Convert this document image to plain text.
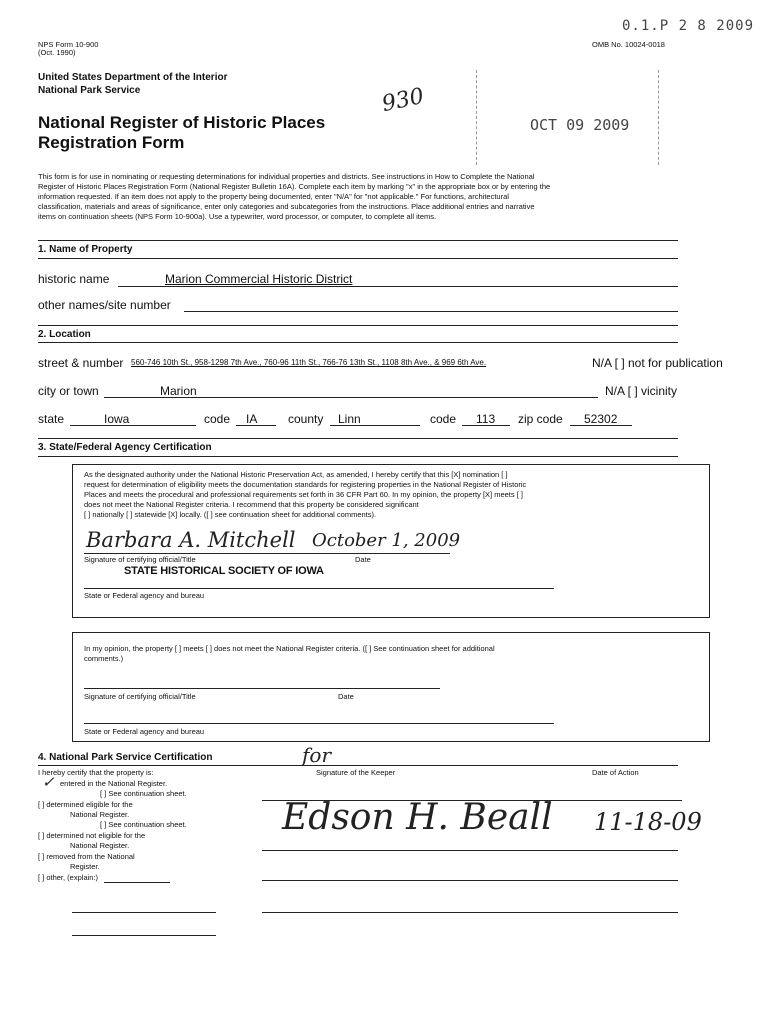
0.1.P 2 8 2009
930
OCT 09 2009
NPS Form 10-900
(Oct. 1990)
OMB No. 10024-0018
United States Department of the Interior
National Park Service
National Register of Historic Places
Registration Form
This form is for use in nominating or requesting determinations for individual properties and districts. See instructions in How to Complete the National
Register of Historic Places Registration Form (National Register Bulletin 16A). Complete each item by marking "x" in the appropriate box or by entering the
information requested. If an item does not apply to the property being documented, enter "N/A" for "not applicable." For functions, architectural
classification, materials and areas of significance, enter only categories and subcategories from the instructions. Place additional entries and narrative
items on continuation sheets (NPS Form 10-900a). Use a typewriter, word processor, or computer, to complete all items.
1. Name of Property
historic name	Marion Commercial Historic District
other names/site number
2. Location
street & number 560-746 10th St., 958-1298 7th Ave., 760-96 11th St., 766-76 13th St., 1108 8th Ave., & 969 6th Ave.	N/A [ ] not for publication
city or town	Marion	N/A [ ] vicinity
state	Iowa	code IA	county Linn	code 113 zip code 52302
3. State/Federal Agency Certification
As the designated authority under the National Historic Preservation Act, as amended, I hereby certify that this [X] nomination [ ]
request for determination of eligibility meets the documentation standards for registering properties in the National Register of Historic
Places and meets the procedural and professional requirements set forth in 36 CFR Part 60. In my opinion, the property [X] meets [ ]
does not meet the National Register criteria. I recommend that this property be considered significant
[ ] nationally [ ] statewide [X] locally. ([ ] see continuation sheet for additional comments).
Barbara A. Mitchell October 1, 2009
Signature of certifying official/Title	Date
STATE HISTORICAL SOCIETY OF IOWA
State or Federal agency and bureau
In my opinion, the property [ ] meets [ ] does not meet the National Register criteria. ([ ] See continuation sheet for additional
comments.)
Signature of certifying official/Title	Date
State or Federal agency and bureau
4. National Park Service Certification
I hereby certify that the property is:
✓ entered in the National Register.
[ ] See continuation sheet.
[ ] determined eligible for the
National Register.
[ ] See continuation sheet.
[ ] determined not eligible for the
National Register.
[ ] removed from the National
Register.
[ ] other, (explain:)
for
Signature of the Keeper	Date of Action
Edson H. Beall 11-18-09
